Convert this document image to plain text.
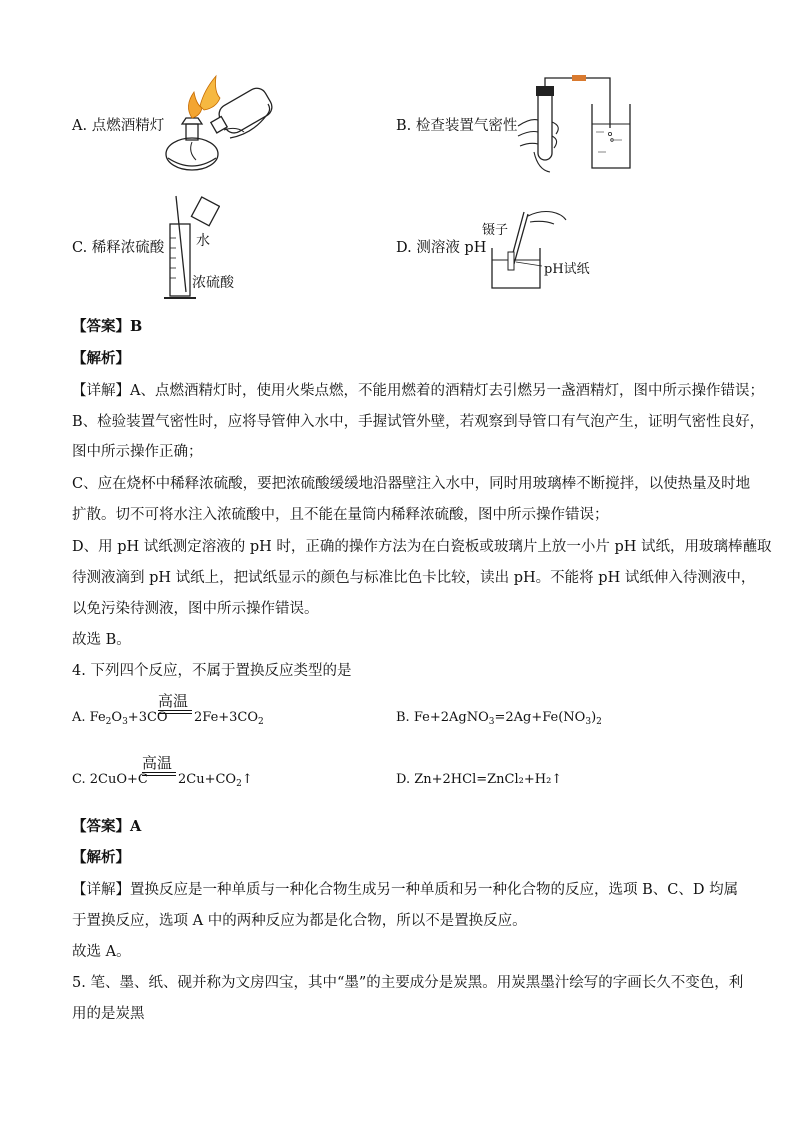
A. 点燃酒精灯	B. 检查装置气密性
C. 稀释浓硫酸 水
浓硫酸
D. 测溶液 pH
镊子
pH试纸
【答案】B
【解析】
【详解】A、点燃酒精灯时，使用火柴点燃，不能用燃着的酒精灯去引燃另一盏酒精灯，图中所示操作错误；
B、检验装置气密性时，应将导管伸入水中，手握试管外壁，若观察到导管口有气泡产生，证明气密性良好，
图中所示操作正确；
C、应在烧杯中稀释浓硫酸，要把浓硫酸缓缓地沿器壁注入水中，同时用玻璃棒不断搅拌，以使热量及时地
扩散。切不可将水注入浓硫酸中，且不能在量筒内稀释浓硫酸，图中所示操作错误；
D、用 pH 试纸测定溶液的 pH 时，正确的操作方法为在白瓷板或玻璃片上放一小片 pH 试纸，用玻璃棒蘸取
待测液滴到 pH 试纸上，把试纸显示的颜色与标准比色卡比较，读出 pH。不能将 pH 试纸伸入待测液中，
以免污染待测液，图中所示操作错误。
故选 B。
4. 下列四个反应，不属于置换反应类型的是
A. $Fe_2O_3+3CO$
高温
$2Fe+3CO_2$	B. $Fe+2AgNO_3=2Ag+Fe(NO_3)_2$
C. 2CuO+C
高温
$2Cu+CO_2↑$	D. Zn+2HCl=ZnCl₂+H₂↑
【答案】A
【解析】
【详解】置换反应是一种单质与一种化合物生成另一种单质和另一种化合物的反应，选项 B、C、D 均属
于置换反应，选项 A 中的两种反应为都是化合物，所以不是置换反应。
故选 A。
5. 笔、墨、纸、砚并称为文房四宝，其中“墨”的主要成分是炭黑。用炭黑墨汁绘写的字画长久不变色，利
用的是炭黑
